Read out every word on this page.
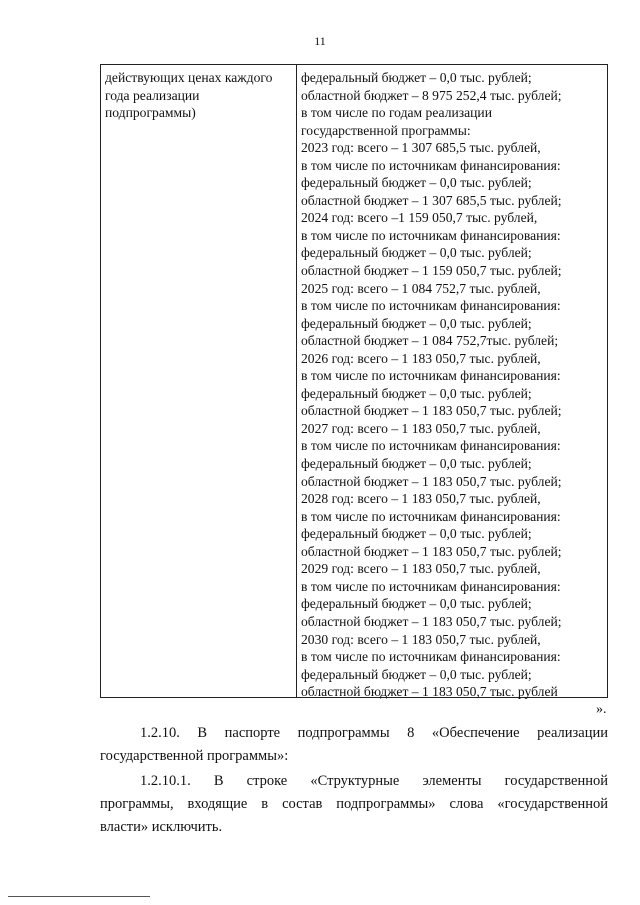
11
действующих ценах каждого
года реализации
подпрограммы)
федеральный бюджет – 0,0 тыс. рублей;
областной бюджет – 8 975 252,4 тыс. рублей;
в том числе по годам реализации
государственной программы:
2023 год: всего – 1 307 685,5 тыс. рублей,
в том числе по источникам финансирования:
федеральный бюджет – 0,0 тыс. рублей;
областной бюджет – 1 307 685,5 тыс. рублей;
2024 год: всего –1 159 050,7 тыс. рублей,
в том числе по источникам финансирования:
федеральный бюджет – 0,0 тыс. рублей;
областной бюджет – 1 159 050,7 тыс. рублей;
2025 год: всего – 1 084 752,7 тыс. рублей,
в том числе по источникам финансирования:
федеральный бюджет – 0,0 тыс. рублей;
областной бюджет – 1 084 752,7тыс. рублей;
2026 год: всего – 1 183 050,7 тыс. рублей,
в том числе по источникам финансирования:
федеральный бюджет – 0,0 тыс. рублей;
областной бюджет – 1 183 050,7 тыс. рублей;
2027 год: всего – 1 183 050,7 тыс. рублей,
в том числе по источникам финансирования:
федеральный бюджет – 0,0 тыс. рублей;
областной бюджет – 1 183 050,7 тыс. рублей;
2028 год: всего – 1 183 050,7 тыс. рублей,
в том числе по источникам финансирования:
федеральный бюджет – 0,0 тыс. рублей;
областной бюджет – 1 183 050,7 тыс. рублей;
2029 год: всего – 1 183 050,7 тыс. рублей,
в том числе по источникам финансирования:
федеральный бюджет – 0,0 тыс. рублей;
областной бюджет – 1 183 050,7 тыс. рублей;
2030 год: всего – 1 183 050,7 тыс. рублей,
в том числе по источникам финансирования:
федеральный бюджет – 0,0 тыс. рублей;
областной бюджет – 1 183 050,7 тыс. рублей
».
1.2.10. В паспорте подпрограммы 8 «Обеспечение реализации
государственной программы»:
1.2.10.1. В строке «Структурные элементы государственной
программы, входящие в состав подпрограммы» слова «государственной
власти» исключить.
